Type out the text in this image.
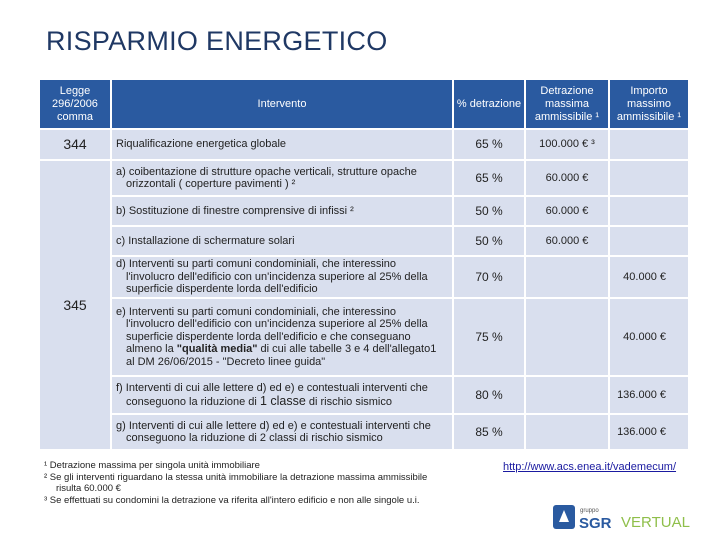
RISPARMIO ENERGETICO
Legge 296/2006 comma	Intervento	% detrazione	Detrazione massima ammissibile ¹	Importo massimo ammissibile ¹
344	Riqualificazione energetica globale	65 %	100.000 € ³	
345	a) coibentazione di strutture opache verticali, strutture opache
orizzontali ( coperture pavimenti ) ²	65 %	60.000 €	
	b) Sostituzione di finestre comprensive di infissi ²	50 %	60.000 €	
	c) Installazione di schermature solari	50 %	60.000 €	

	d) Interventi su parti comuni condominiali, che interessino
l'involucro dell'edificio con un'incidenza superiore al 25% della
superficie disperdente lorda dell'edificio	70 %		40.000 €

	e) Interventi su parti comuni condominiali, che interessino
l'involucro dell'edificio con un'incidenza superiore al 25% della
superficie disperdente lorda dell'edificio e che conseguano
almeno la "qualità media" di cui alle tabelle 3 e 4 dell'allegato1
al DM 26/06/2015 - "Decreto linee guida"	75 %		40.000 €

	f) Interventi di cui alle lettere d) ed e) e contestuali interventi che
conseguono la riduzione di 1 classe di rischio sismico	80 %		136.000 €

	g) Interventi di cui alle lettere d) ed e) e contestuali interventi che
conseguono la riduzione di 2 classi di rischio sismico	85 %		136.000 €
¹ Detrazione massima per singola unità immobiliare
² Se gli interventi riguardano la stessa unità immobiliare la detrazione massima ammissibile
risulta 60.000 €
³ Se effettuati su condomini la detrazione va riferita all'intero edificio e non alle singole u.i.
http://www.acs.enea.it/vademecum/
gruppo
SGR VERTUAL
